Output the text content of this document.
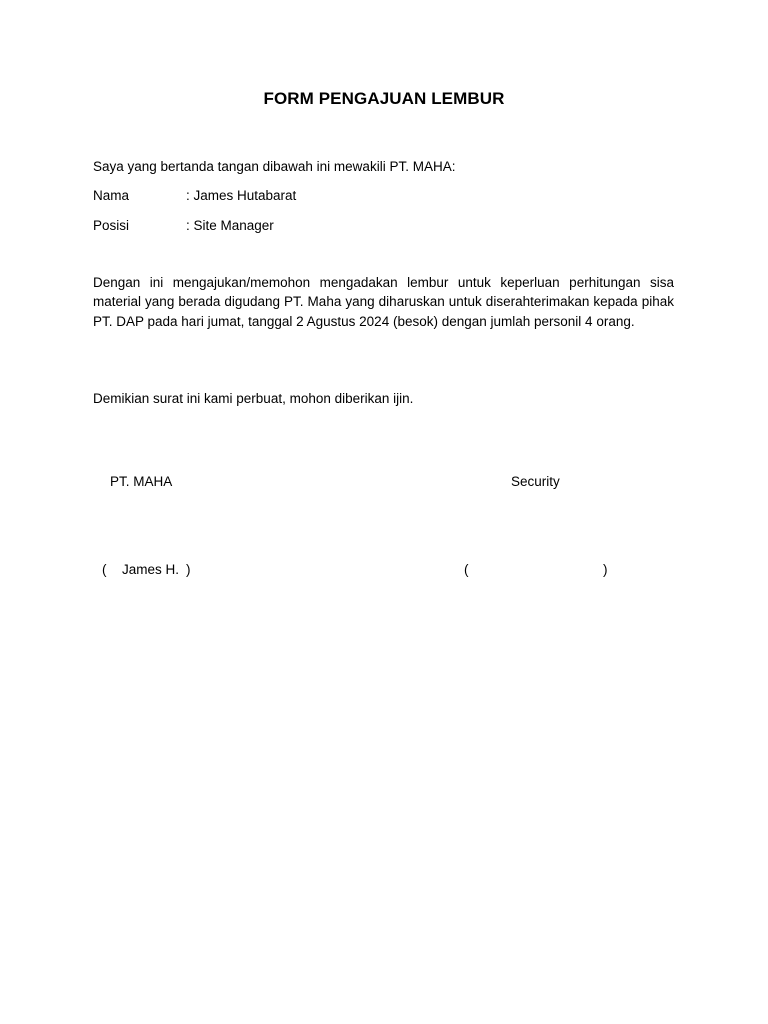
FORM PENGAJUAN LEMBUR
Saya yang bertanda tangan dibawah ini mewakili PT. MAHA:
Nama	: James Hutabarat
Posisi	: Site Manager
Dengan ini mengajukan/memohon mengadakan lembur untuk keperluan perhitungan sisa material yang berada digudang PT. Maha yang diharuskan untuk diserahterimakan kepada pihak PT. DAP pada hari jumat, tanggal 2 Agustus 2024 (besok) dengan jumlah personil 4 orang.
Demikian surat ini kami perbuat, mohon diberikan ijin.
PT. MAHA	Security
( James H. )	(	)
